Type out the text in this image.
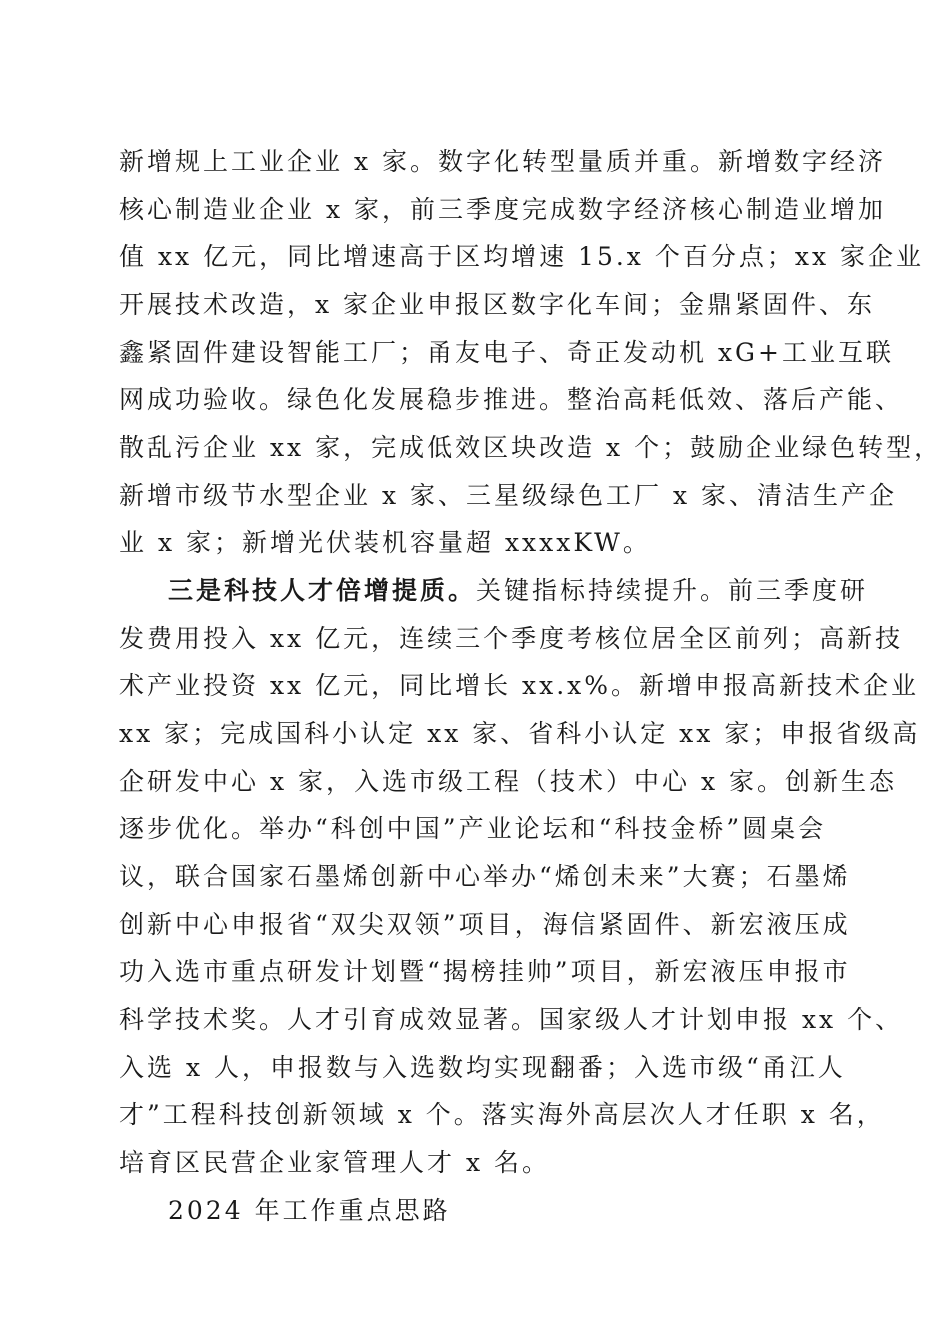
新增规上工业企业 x 家。数字化转型量质并重。新增数字经济
核心制造业企业 x 家，前三季度完成数字经济核心制造业增加
值 xx 亿元，同比增速高于区均增速 15.x 个百分点；xx 家企业
开展技术改造，x 家企业申报区数字化车间；金鼎紧固件、东
鑫紧固件建设智能工厂；甬友电子、奇正发动机 xG+工业互联
网成功验收。绿色化发展稳步推进。整治高耗低效、落后产能、
散乱污企业 xx 家，完成低效区块改造 x 个；鼓励企业绿色转型，
新增市级节水型企业 x 家、三星级绿色工厂 x 家、清洁生产企
业 x 家；新增光伏装机容量超 xxxxKW。
三是科技人才倍增提质。关键指标持续提升。前三季度研
发费用投入 xx 亿元，连续三个季度考核位居全区前列；高新技
术产业投资 xx 亿元，同比增长 xx.x%。新增申报高新技术企业
xx 家；完成国科小认定 xx 家、省科小认定 xx 家；申报省级高
企研发中心 x 家，入选市级工程（技术）中心 x 家。创新生态
逐步优化。举办“科创中国”产业论坛和“科技金桥”圆桌会
议，联合国家石墨烯创新中心举办“烯创未来”大赛；石墨烯
创新中心申报省“双尖双领”项目，海信紧固件、新宏液压成
功入选市重点研发计划暨“揭榜挂帅”项目，新宏液压申报市
科学技术奖。人才引育成效显著。国家级人才计划申报 xx 个、
入选 x 人，申报数与入选数均实现翻番；入选市级“甬江人
才”工程科技创新领域 x 个。落实海外高层次人才任职 x 名，
培育区民营企业家管理人才 x 名。
2024 年工作重点思路
